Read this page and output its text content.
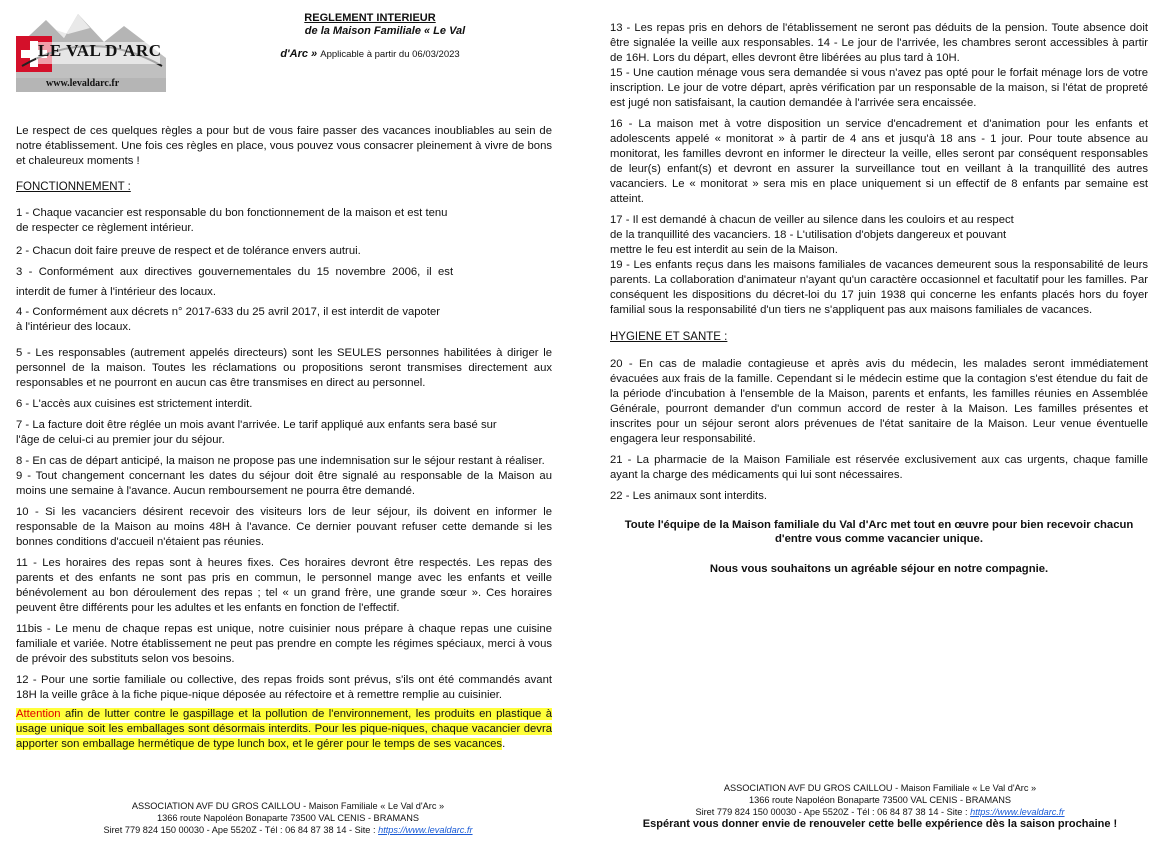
LE VAL D'ARC
www.levaldarc.fr
REGLEMENT INTERIEUR
de la Maison Familiale « Le Val
d'Arc » Applicable à partir du 06/03/2023

Le respect de ces quelques règles a pour but de vous faire passer des vacances inoubliables au sein de notre établissement. Une fois ces règles en place, vous pouvez vous consacrer pleinement à vivre de bons et chaleureux moments !

FONCTIONNEMENT :

1 - Chaque vacancier est responsable du bon fonctionnement de la maison et est tenu

de respecter ce règlement intérieur.

2 - Chacun doit faire preuve de respect et de tolérance envers autrui.

3 - Conformément aux directives gouvernementales du 15 novembre 2006, il est

interdit de fumer à l'intérieur des locaux.

4 - Conformément aux décrets n° 2017-633 du 25 avril 2017, il est interdit de vapoter

à l'intérieur des locaux.

5 - Les responsables (autrement appelés directeurs) sont les SEULES personnes habilitées à diriger le personnel de la maison. Toutes les réclamations ou propositions seront transmises directement aux responsables et ne pourront en aucun cas être transmises en direct au personnel.

6 - L'accès aux cuisines est strictement interdit.

7 - La facture doit être réglée un mois avant l'arrivée. Le tarif appliqué aux enfants sera basé sur

l'âge de celui-ci au premier jour du séjour.

8 - En cas de départ anticipé, la maison ne propose pas une indemnisation sur le séjour restant à réaliser.

9 - Tout changement concernant les dates du séjour doit être signalé au responsable de la Maison au moins une semaine à l'avance. Aucun remboursement ne pourra être demandé.

10 - Si les vacanciers désirent recevoir des visiteurs lors de leur séjour, ils doivent en informer le responsable de la Maison au moins 48H à l'avance. Ce dernier pouvant refuser cette demande si les bonnes conditions d'accueil n'étaient pas réunies.

11 - Les horaires des repas sont à heures fixes. Ces horaires devront être respectés. Les repas des parents et des enfants ne sont pas pris en commun, le personnel mange avec les enfants et veille bénévolement au bon déroulement des repas ; tel « un grand frère, une grande sœur ». Ces horaires peuvent être différents pour les adultes et les enfants en fonction de l'effectif.

11bis - Le menu de chaque repas est unique, notre cuisinier nous prépare à chaque repas une cuisine familiale et variée. Notre établissement ne peut pas prendre en compte les régimes spéciaux, merci à vous de prévoir des substituts selon vos besoins.

12 - Pour une sortie familiale ou collective, des repas froids sont prévus, s'ils ont été commandés avant 18H la veille grâce à la fiche pique-nique déposée au réfectoire et à remettre remplie au cuisinier.

Attention afin de lutter contre le gaspillage et la pollution de l'environnement, les produits en plastique à usage unique soit les emballages sont désormais interdits. Pour les pique-niques, chaque vacancier devra apporter son emballage hermétique de type lunch box, et le gérer pour le temps de ses vacances.

13 - Les repas pris en dehors de l'établissement ne seront pas déduits de la pension. Toute absence doit être signalée la veille aux responsables. 14 - Le jour de l'arrivée, les chambres seront accessibles à partir de 16H. Lors du départ, elles devront être libérées au plus tard à 10H.

15 - Une caution ménage vous sera demandée si vous n'avez pas opté pour le forfait ménage lors de votre inscription. Le jour de votre départ, après vérification par un responsable de la maison, si l'état de propreté est jugé non satisfaisant, la caution demandée à l'arrivée sera encaissée.

16 - La maison met à votre disposition un service d'encadrement et d'animation pour les enfants et adolescents appelé « monitorat » à partir de 4 ans et jusqu'à 18 ans - 1 jour. Pour toute absence au monitorat, les familles devront en informer le directeur la veille, elles seront par conséquent responsables de leur(s) enfant(s) et devront en assurer la surveillance tout en veillant à la tranquillité des autres vacanciers. Le « monitorat » sera mis en place uniquement si un effectif de 8 enfants par semaine est atteint.

17 - Il est demandé à chacun de veiller au silence dans les couloirs et au respect

de la tranquillité des vacanciers. 18 - L'utilisation d'objets dangereux et pouvant

mettre le feu est interdit au sein de la Maison.

19 - Les enfants reçus dans les maisons familiales de vacances demeurent sous la responsabilité de leurs parents. La collaboration d'animateur n'ayant qu'un caractère occasionnel et facultatif pour les familles. Par conséquent les dispositions du décret-loi du 17 juin 1938 qui concerne les enfants placés hors du foyer familial sous la responsabilité d'un tiers ne s'appliquent pas aux maisons familiales de vacances.

HYGIENE ET SANTE :

20 - En cas de maladie contagieuse et après avis du médecin, les malades seront immédiatement évacuées aux frais de la famille. Cependant si le médecin estime que la contagion s'est étendue du fait de la période d'incubation à l'ensemble de la Maison, parents et enfants, les familles réunies en Assemblée Générale, pourront demander d'un commun accord de rester à la Maison. Les familles présentes et inscrites pour un séjour seront alors prévenues de l'état sanitaire de la Maison. Leur venue éventuelle engagera leur responsabilité.

21 - La pharmacie de la Maison Familiale est réservée exclusivement aux cas urgents, chaque famille ayant la charge des médicaments qui lui sont nécessaires.

22 - Les animaux sont interdits.

Toute l'équipe de la Maison familiale du Val d'Arc met tout en œuvre pour bien recevoir chacun d'entre vous comme vacancier unique.

Nous vous souhaitons un agréable séjour en notre compagnie.

ASSOCIATION AVF DU GROS CAILLOU - Maison Familiale « Le Val d'Arc »
1366 route Napoléon Bonaparte 73500 VAL CENIS - BRAMANS
Siret 779 824 150 00030 - Ape 5520Z - Tél : 06 84 87 38 14 - Site : https://www.levaldarc.fr
ASSOCIATION AVF DU GROS CAILLOU - Maison Familiale « Le Val d'Arc »
1366 route Napoléon Bonaparte 73500 VAL CENIS - BRAMANS
Siret 779 824 150 00030 - Ape 5520Z - Tél : 06 84 87 38 14 - Site : https://www.levaldarc.fr
Espérant vous donner envie de renouveler cette belle expérience dès la saison prochaine !
